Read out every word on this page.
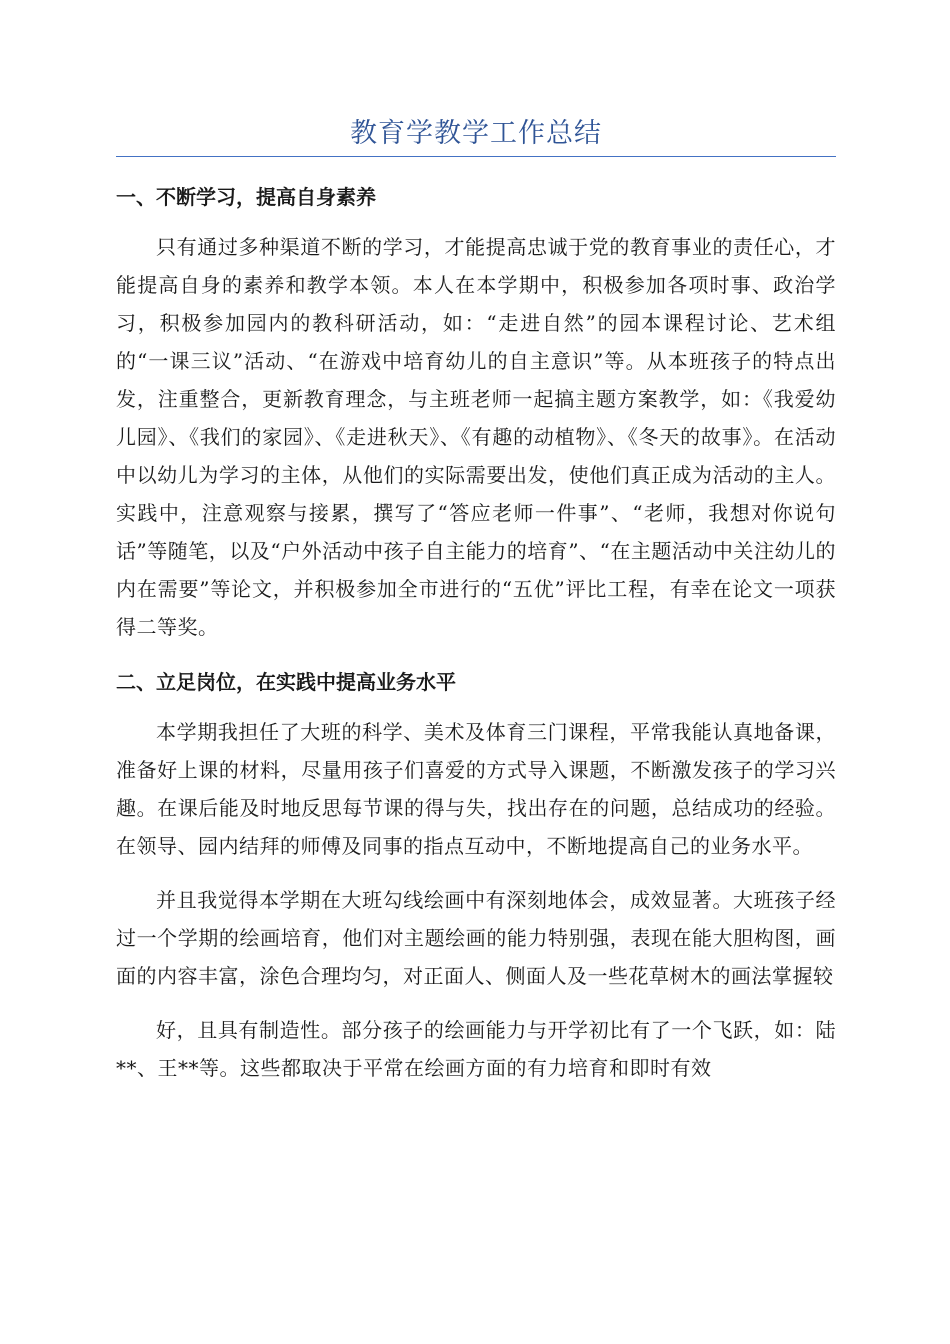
教育学教学工作总结
一、不断学习，提高自身素养

只有通过多种渠道不断的学习，才能提高忠诚于党的教育事业的责任心，才能提高自身的素养和教学本领。本人在本学期中，积极参加各项时事、政治学习，积极参加园内的教科研活动，如：“走进自然”的园本课程讨论、艺术组的“一课三议”活动、“在游戏中培育幼儿的自主意识”等。从本班孩子的特点出发，注重整合，更新教育理念，与主班老师一起搞主题方案教学，如：《我爱幼儿园》、《我们的家园》、《走进秋天》、《有趣的动植物》、《冬天的故事》。在活动中以幼儿为学习的主体，从他们的实际需要出发，使他们真正成为活动的主人。实践中，注意观察与接累，撰写了“答应老师一件事”、“老师，我想对你说句话”等随笔，以及“户外活动中孩子自主能力的培育”、“在主题活动中关注幼儿的内在需要”等论文，并积极参加全市进行的“五优”评比工程，有幸在论文一项获得二等奖。

二、立足岗位，在实践中提高业务水平

本学期我担任了大班的科学、美术及体育三门课程，平常我能认真地备课，准备好上课的材料，尽量用孩子们喜爱的方式导入课题，不断激发孩子的学习兴趣。在课后能及时地反思每节课的得与失，找出存在的问题，总结成功的经验。在领导、园内结拜的师傅及同事的指点互动中，不断地提高自己的业务水平。

并且我觉得本学期在大班勾线绘画中有深刻地体会，成效显著。大班孩子经过一个学期的绘画培育，他们对主题绘画的能力特别强，表现在能大胆构图，画面的内容丰富，涂色合理均匀，对正面人、侧面人及一些花草树木的画法掌握较

好，且具有制造性。部分孩子的绘画能力与开学初比有了一个飞跃，如：陆**、王**等。这些都取决于平常在绘画方面的有力培育和即时有效
